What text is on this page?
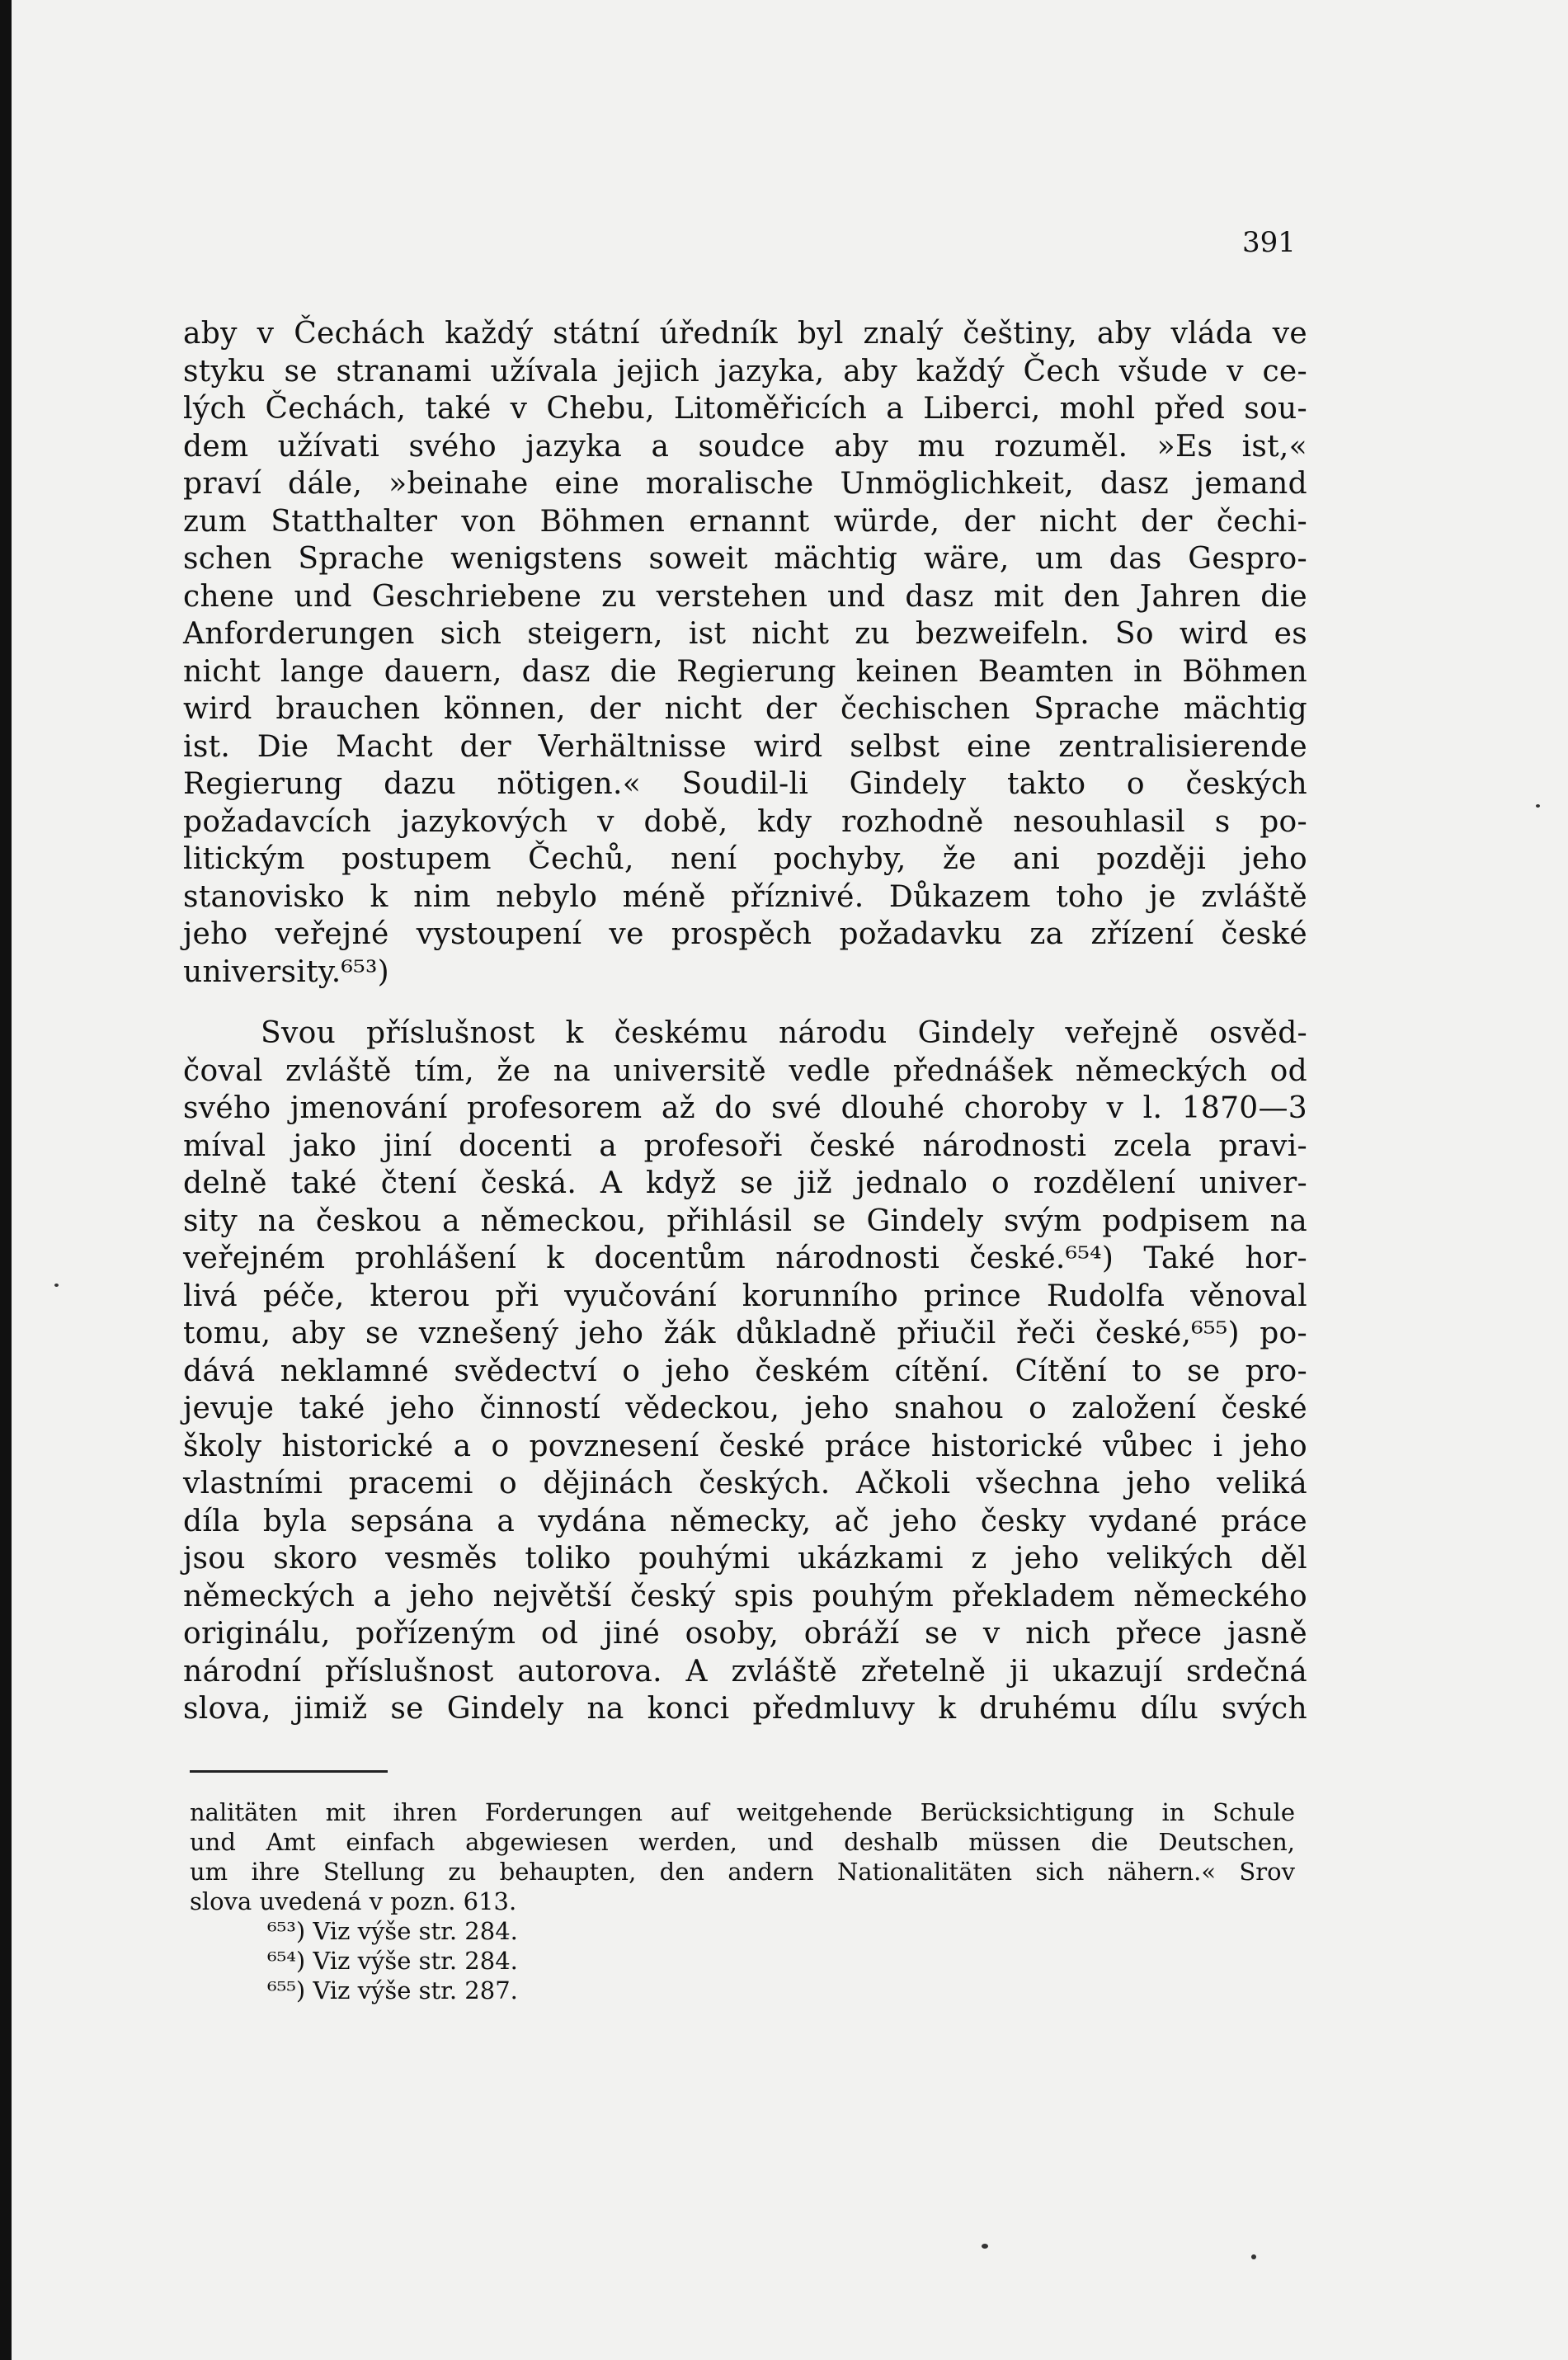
391
aby v Čechách každý státní úředník byl znalý češtiny, aby vláda ve
styku se stranami užívala jejich jazyka, aby každý Čech všude v ce-
lých Čechách, také v Chebu, Litoměřicích a Liberci, mohl před sou-
dem užívati svého jazyka a soudce aby mu rozuměl. »Es ist,«
praví dále, »beinahe eine moralische Unmöglichkeit, dasz jemand
zum Statthalter von Böhmen ernannt würde, der nicht der čechi-
schen Sprache wenigstens soweit mächtig wäre, um das Gespro-
chene und Geschriebene zu verstehen und dasz mit den Jahren die
Anforderungen sich steigern, ist nicht zu bezweifeln. So wird es
nicht lange dauern, dasz die Regierung keinen Beamten in Böhmen
wird brauchen können, der nicht der čechischen Sprache mächtig
ist. Die Macht der Verhältnisse wird selbst eine zentralisierende
Regierung dazu nötigen.« Soudil-li Gindely takto o českých
požadavcích jazykových v době, kdy rozhodně nesouhlasil s po-
litickým postupem Čechů, není pochyby, že ani později jeho
stanovisko k nim nebylo méně příznivé. Důkazem toho je zvláště
jeho veřejné vystoupení ve prospěch požadavku za zřízení české
university.⁶⁵³)
Svou příslušnost k českému národu Gindely veřejně osvěd-
čoval zvláště tím, že na universitě vedle přednášek německých od
svého jmenování profesorem až do své dlouhé choroby v l. 1870—3
míval jako jiní docenti a profesoři české národnosti zcela pravi-
delně také čtení česká. A když se již jednalo o rozdělení univer-
sity na českou a německou, přihlásil se Gindely svým podpisem na
veřejném prohlášení k docentům národnosti české.⁶⁵⁴) Také hor-
livá péče, kterou při vyučování korunního prince Rudolfa věnoval
tomu, aby se vznešený jeho žák důkladně přiučil řeči české,⁶⁵⁵) po-
dává neklamné svědectví o jeho českém cítění. Cítění to se pro-
jevuje také jeho činností vědeckou, jeho snahou o založení české
školy historické a o povznesení české práce historické vůbec i jeho
vlastními pracemi o dějinách českých. Ačkoli všechna jeho veliká
díla byla sepsána a vydána německy, ač jeho česky vydané práce
jsou skoro vesměs toliko pouhými ukázkami z jeho velikých děl
německých a jeho největší český spis pouhým překladem německého
originálu, pořízeným od jiné osoby, obráží se v nich přece jasně
národní příslušnost autorova. A zvláště zřetelně ji ukazují srdečná
slova, jimiž se Gindely na konci předmluvy k druhému dílu svých
nalitäten mit ihren Forderungen auf weitgehende Berücksichtigung in Schule
und Amt einfach abgewiesen werden, und deshalb müssen die Deutschen,
um ihre Stellung zu behaupten, den andern Nationalitäten sich nähern.« Srov
slova uvedená v pozn. 613.
⁶⁵³) Viz výše str. 284.
⁶⁵⁴) Viz výše str. 284.
⁶⁵⁵) Viz výše str. 287.
